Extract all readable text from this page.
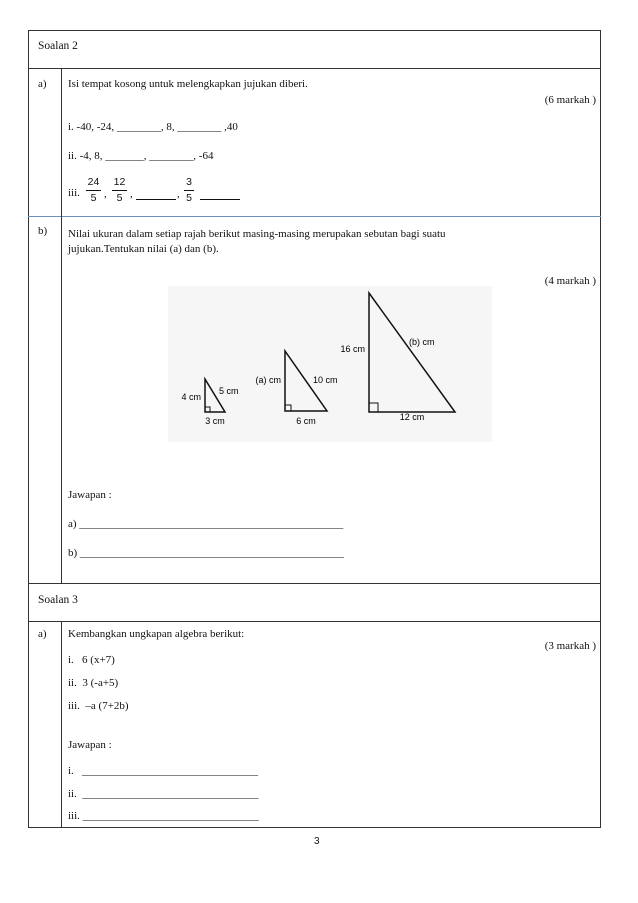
Soalan 2
a) Isi tempat kosong untuk melengkapkan jujukan diberi.
(6 markah )
i. -40, -24, ________, 8, ________ ,40
ii. -4, 8, _______, ________, -64
iii.
24
5 ,
12
5 ,	,
3
5
b) Nilai ukuran dalam setiap rajah berikut masing-masing merupakan sebutan bagi suatu
jujukan.Tentukan nilai (a) dan (b).
(4 markah )
4 cm
5 cm
3 cm
(a) cm	10 cm
6 cm
16 cm
(b) cm
12 cm
Jawapan :
a) ________________________________________________
b) ________________________________________________
Soalan 3
a) Kembangkan ungkapan algebra berikut:
(3 markah )
i.   6 (x+7)
ii.  3 (-a+5)
iii.  –a (7+2b)
Jawapan :
i.   ________________________________
ii.  ________________________________
iii. ________________________________
3
